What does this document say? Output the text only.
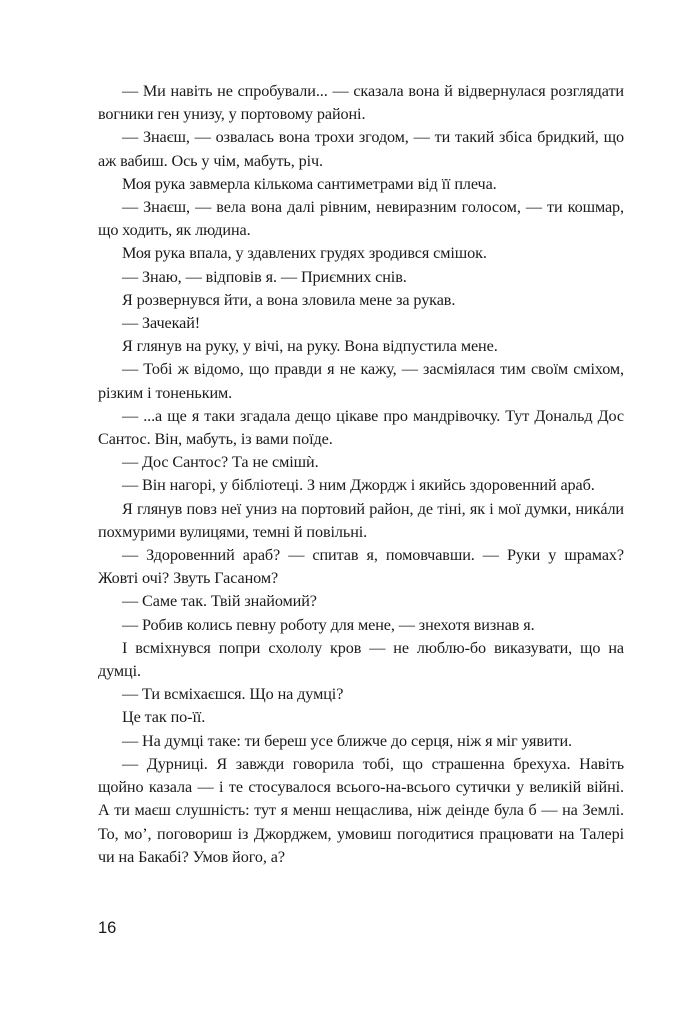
— Ми навіть не спробували... — сказала вона й відвернулася розглядати вогники ген унизу, у портовому районі.

— Знаєш, — озвалась вона трохи згодом, — ти такий збіса бридкий, що аж вабиш. Ось у чім, мабуть, річ.

Моя рука завмерла кількома сантиметрами від її плеча.

— Знаєш, — вела вона далі рівним, невиразним голосом, — ти кошмар, що ходить, як людина.

Моя рука впала, у здавлених грудях зродився смішок.

— Знаю, — відповів я. — Приємних снів.

Я розвернувся йти, а вона зловила мене за рукав.

— Зачекай!

Я глянув на руку, у вічі, на руку. Вона відпустила мене.

— Тобі ж відомо, що правди я не кажу, — засміялася тим своїм сміхом, різким і тоненьким.

— ...а ще я таки згадала дещо цікаве про мандрівочку. Тут Дональд Дос Сантос. Він, мабуть, із вами поїде.

— Дос Сантос? Та не смішѝ.

— Він нагорі, у бібліотеці. З ним Джордж і якийсь здоровенний араб.

Я глянув повз неї униз на портовий район, де тіні, як і мої думки, никáли похмурими вулицями, темні й повільні.

— Здоровенний араб? — спитав я, помовчавши. — Руки у шрамах? Жовті очі? Звуть Гасаном?

— Саме так. Твій знайомий?

— Робив колись певну роботу для мене, — знехотя визнав я.

І всміхнувся попри схололу кров — не люблю-бо виказувати, що на думці.

— Ти всміхаєшся. Що на думці?

Це так по-її.

— На думці таке: ти береш усе ближче до серця, ніж я міг уявити.

— Дурниці. Я завжди говорила тобі, що страшенна брехуха. Навіть щойно казала — і те стосувалося всього-на-всього сутички у великій війні. А ти маєш слушність: тут я менш нещаслива, ніж деінде була б — на Землі. То, мо’, поговориш із Джорджем, умовиш погодитися працювати на Талері чи на Бакабі? Умов його, а?

16
